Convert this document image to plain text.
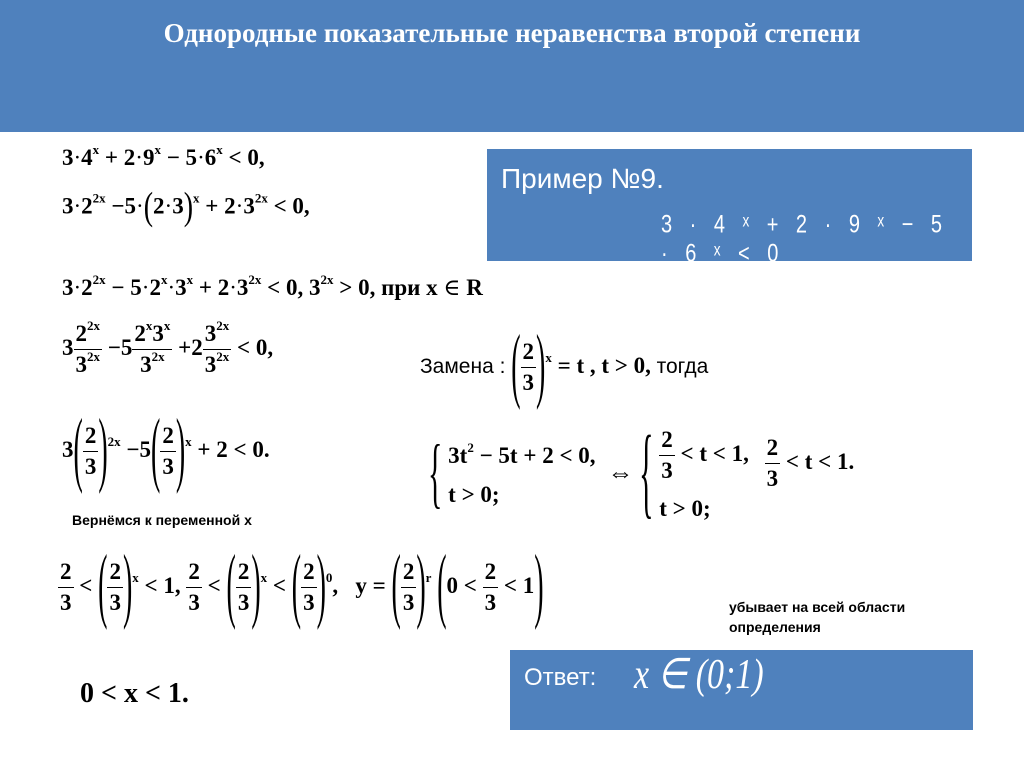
Однородные показательные неравенства второй степени
$3\cdot 4^x + 2\cdot 9^x - 5\cdot 6^x < 0$,
$3\cdot 2^{2x} -5\cdot(2\cdot 3)^x + 2\cdot 3^{2x} < 0$,
Пример №9.
3 · 4 ˣ + 2 · 9 ˣ − 5 · 6 ˣ < 0
$3\cdot 2^{2x} - 5\cdot 2^x\cdot 3^x + 2\cdot 3^{2x} < 0$, $3^{2x} > 0$, при x ∈ R
$3 \frac{2^{2x}}{3^{2x}} -5 \frac{2^x3^x}{3^{2x}} +2 \frac{3^{2x}}{3^{2x}} < 0$,
Замена : ( $\frac{2}{3} )^x = t$ , t > 0, тогда
$3( \frac{2}{3} )^{2x} -5( \frac{2}{3} )^x + 2 < 0$.	{ $3t^2 - 5t + 2 < 0$,
t > 0; ⇔ { $\frac{2}{3} < t < 1$,
t > 0;
$\frac{2}{3} < t < 1$.
Вернёмся к переменной x
$\frac{2}{3}$ < ( $\frac{2}{3} )^x < 1$, $\frac{2}{3}$ < ( $\frac{2}{3} )^x$ < ( $\frac{2}{3} )^0$,   y = ( $\frac{2}{3} )^r$ $(0 < \frac{2}{3} < 1)$	убывает на всей области
определения
0 < x < 1.
Ответ: x ∈ (0;1)
